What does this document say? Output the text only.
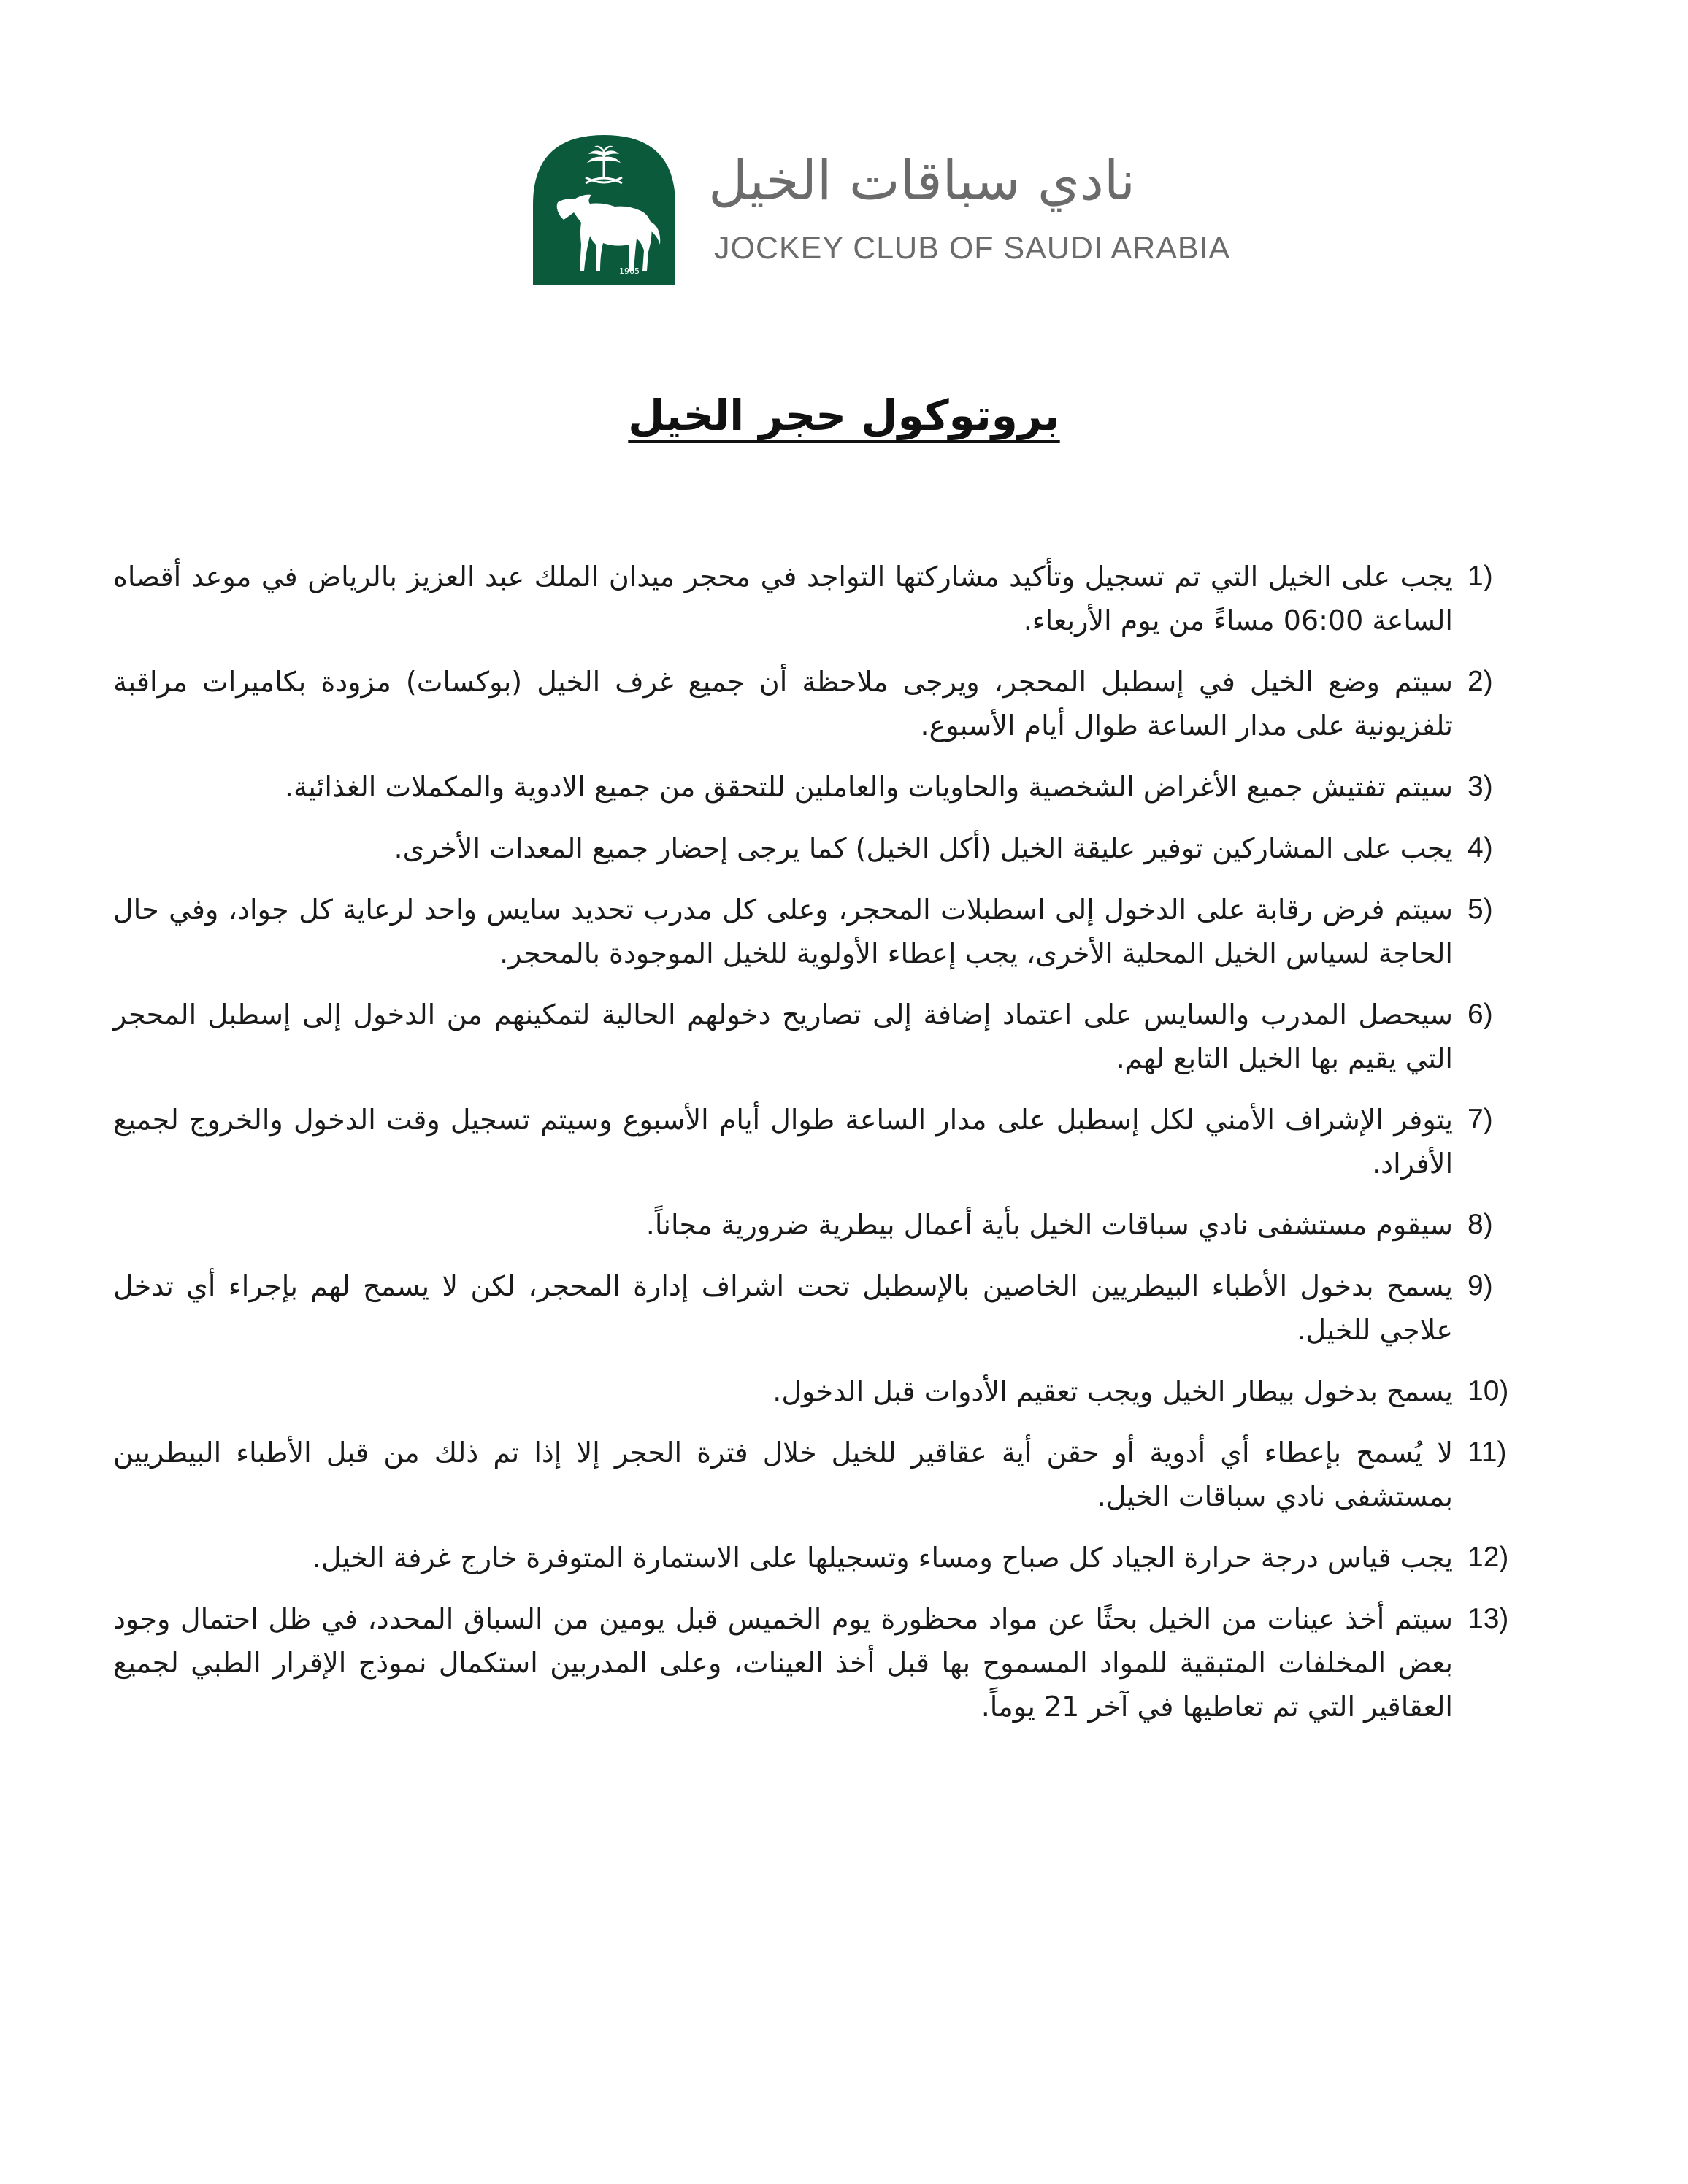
1965
نادي سباقات الخيل
JOCKEY CLUB OF SAUDI ARABIA
بروتوكول حجر الخيل
1)
يجب على الخيل التي تم تسجيل وتأكيد مشاركتها التواجد في محجر ميدان الملك عبد العزيز بالرياض في موعد أقصاه الساعة 06:00 مساءً من يوم الأربعاء.
2)
سيتم وضع الخيل في إسطبل المحجر، ويرجى ملاحظة أن جميع غرف الخيل (بوكسات) مزودة بكاميرات مراقبة تلفزيونية على مدار الساعة طوال أيام الأسبوع.
3)
سيتم تفتيش جميع الأغراض الشخصية والحاويات والعاملين للتحقق من جميع الادوية والمكملات الغذائية.
4)
يجب على المشاركين توفير عليقة الخيل (أكل الخيل) كما يرجى إحضار جميع المعدات الأخرى.
5)
سيتم فرض رقابة على الدخول إلى اسطبلات المحجر، وعلى كل مدرب تحديد سايس واحد لرعاية كل جواد، وفي حال الحاجة لسياس الخيل المحلية الأخرى، يجب إعطاء الأولوية للخيل الموجودة بالمحجر.
6)
سيحصل المدرب والسايس على اعتماد إضافة إلى تصاريح دخولهم الحالية لتمكينهم من الدخول إلى إسطبل المحجر التي يقيم بها الخيل التابع لهم.
7)
يتوفر الإشراف الأمني لكل إسطبل على مدار الساعة طوال أيام الأسبوع وسيتم تسجيل وقت الدخول والخروج لجميع الأفراد.
8)
سيقوم مستشفى نادي سباقات الخيل بأية أعمال بيطرية ضرورية مجاناً.
9)
يسمح بدخول الأطباء البيطريين الخاصين بالإسطبل تحت اشراف إدارة المحجر، لكن لا يسمح لهم بإجراء أي تدخل علاجي للخيل.
10)
يسمح بدخول بيطار الخيل ويجب تعقيم الأدوات قبل الدخول.
11)
لا يُسمح بإعطاء أي أدوية أو حقن أية عقاقير للخيل خلال فترة الحجر إلا إذا تم ذلك من قبل الأطباء البيطريين بمستشفى نادي سباقات الخيل.
12)
يجب قياس درجة حرارة الجياد كل صباح ومساء وتسجيلها على الاستمارة المتوفرة خارج غرفة الخيل.
13)
سيتم أخذ عينات من الخيل بحثًا عن مواد محظورة يوم الخميس قبل يومين من السباق المحدد، في ظل احتمال وجود بعض المخلفات المتبقية للمواد المسموح بها قبل أخذ العينات، وعلى المدربين استكمال نموذج الإقرار الطبي لجميع العقاقير التي تم تعاطيها في آخر 21 يوماً.
